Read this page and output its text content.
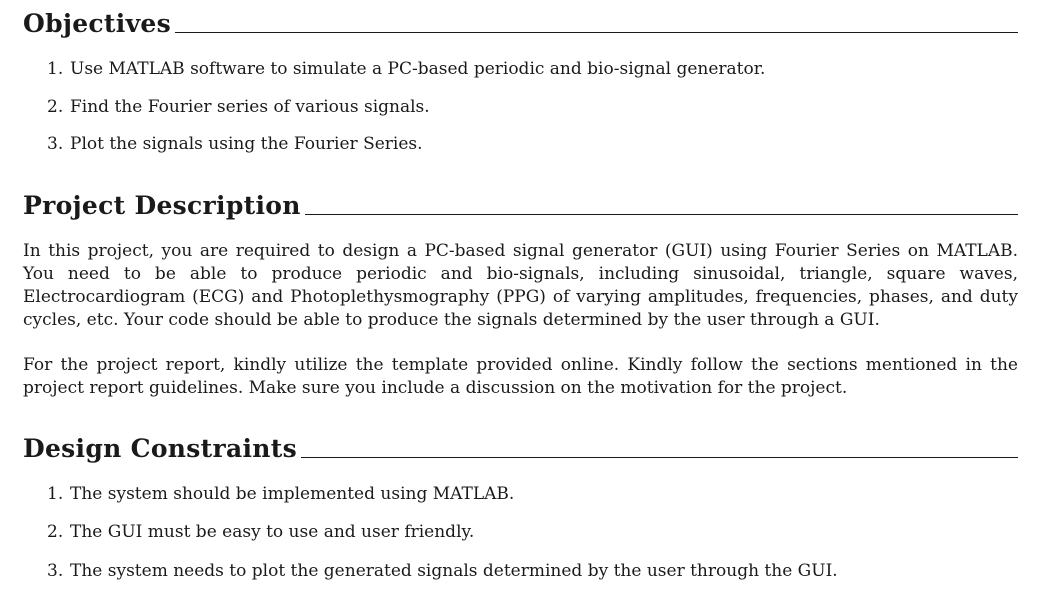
Objectives
1. Use MATLAB software to simulate a PC-based periodic and bio-signal generator.
2. Find the Fourier series of various signals.
3. Plot the signals using the Fourier Series.
Project Description

In this project, you are required to design a PC-based signal generator (GUI) using Fourier Series on MATLAB. You need to be able to produce periodic and bio-signals, including sinusoidal, triangle, square waves, Electrocardiogram (ECG) and Photoplethysmography (PPG) of varying amplitudes, frequencies, phases, and duty cycles, etc. Your code should be able to produce the signals determined by the user through a GUI.

For the project report, kindly utilize the template provided online. Kindly follow the sections mentioned in the project report guidelines. Make sure you include a discussion on the motivation for the project.

Design Constraints
1. The system should be implemented using MATLAB.
2. The GUI must be easy to use and user friendly.
3. The system needs to plot the generated signals determined by the user through the GUI.
